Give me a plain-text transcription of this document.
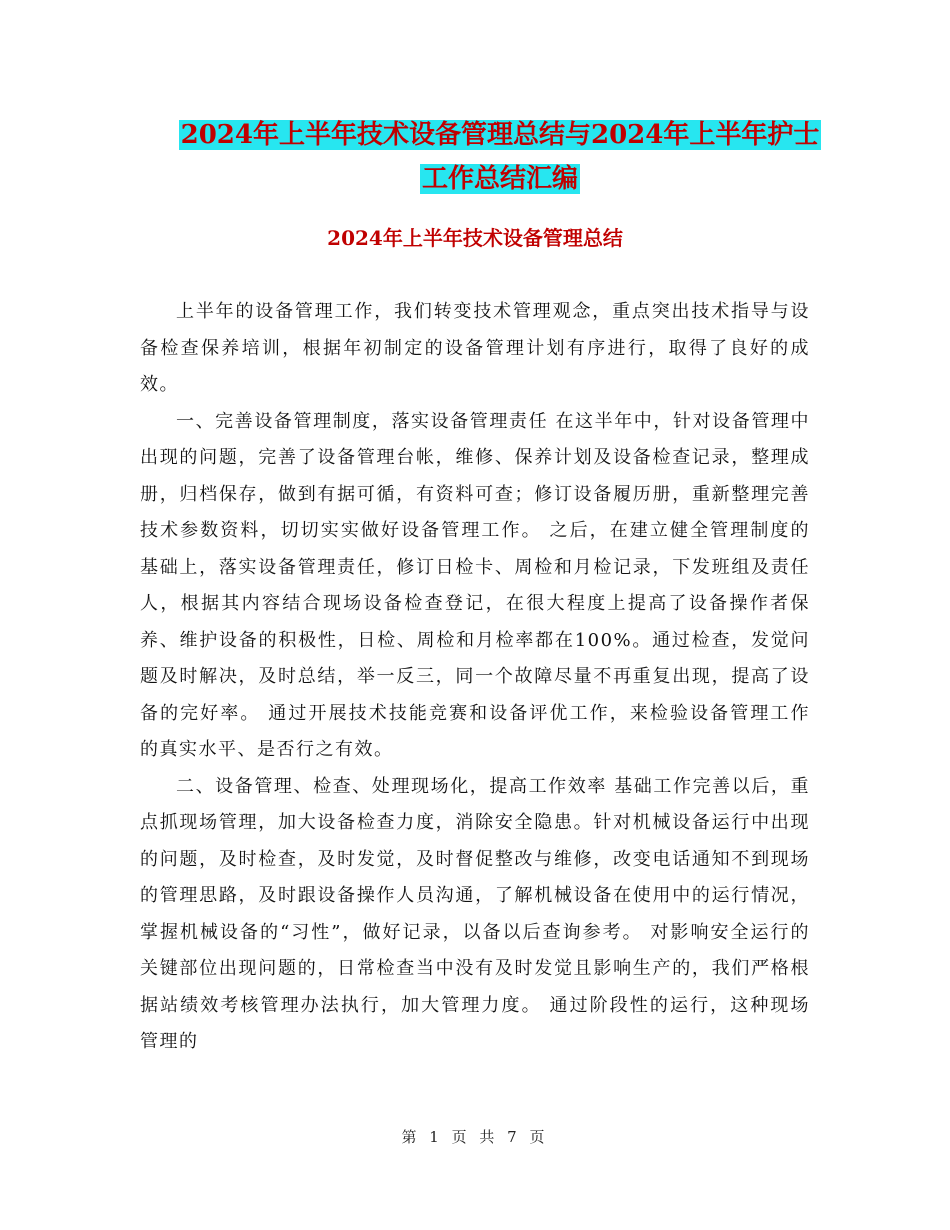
2024年上半年技术设备管理总结与2024年上半年护士
工作总结汇编
2024年上半年技术设备管理总结

上半年的设备管理工作，我们转变技术管理观念，重点突出技术指导与设备检查保养培训，根据年初制定的设备管理计划有序进行，取得了良好的成效。

一、完善设备管理制度，落实设备管理责任 在这半年中，针对设备管理中出现的问题，完善了设备管理台帐，维修、保养计划及设备检查记录，整理成册，归档保存，做到有据可循，有资料可查；修订设备履历册，重新整理完善技术参数资料，切切实实做好设备管理工作。 之后，在建立健全管理制度的基础上，落实设备管理责任，修订日检卡、周检和月检记录，下发班组及责任人，根据其内容结合现场设备检查登记，在很大程度上提高了设备操作者保养、维护设备的积极性，日检、周检和月检率都在100%。通过检查，发觉问题及时解决，及时总结，举一反三，同一个故障尽量不再重复出现，提高了设备的完好率。 通过开展技术技能竞赛和设备评优工作，来检验设备管理工作的真实水平、是否行之有效。

二、设备管理、检查、处理现场化，提高工作效率 基础工作完善以后，重点抓现场管理，加大设备检查力度，消除安全隐患。针对机械设备运行中出现的问题，及时检查，及时发觉，及时督促整改与维修，改变电话通知不到现场的管理思路，及时跟设备操作人员沟通，了解机械设备在使用中的运行情况，掌握机械设备的“习性”，做好记录，以备以后查询参考。 对影响安全运行的关键部位出现问题的，日常检查当中没有及时发觉且影响生产的，我们严格根据站绩效考核管理办法执行，加大管理力度。 通过阶段性的运行，这种现场管理的

第 1 页 共 7 页
